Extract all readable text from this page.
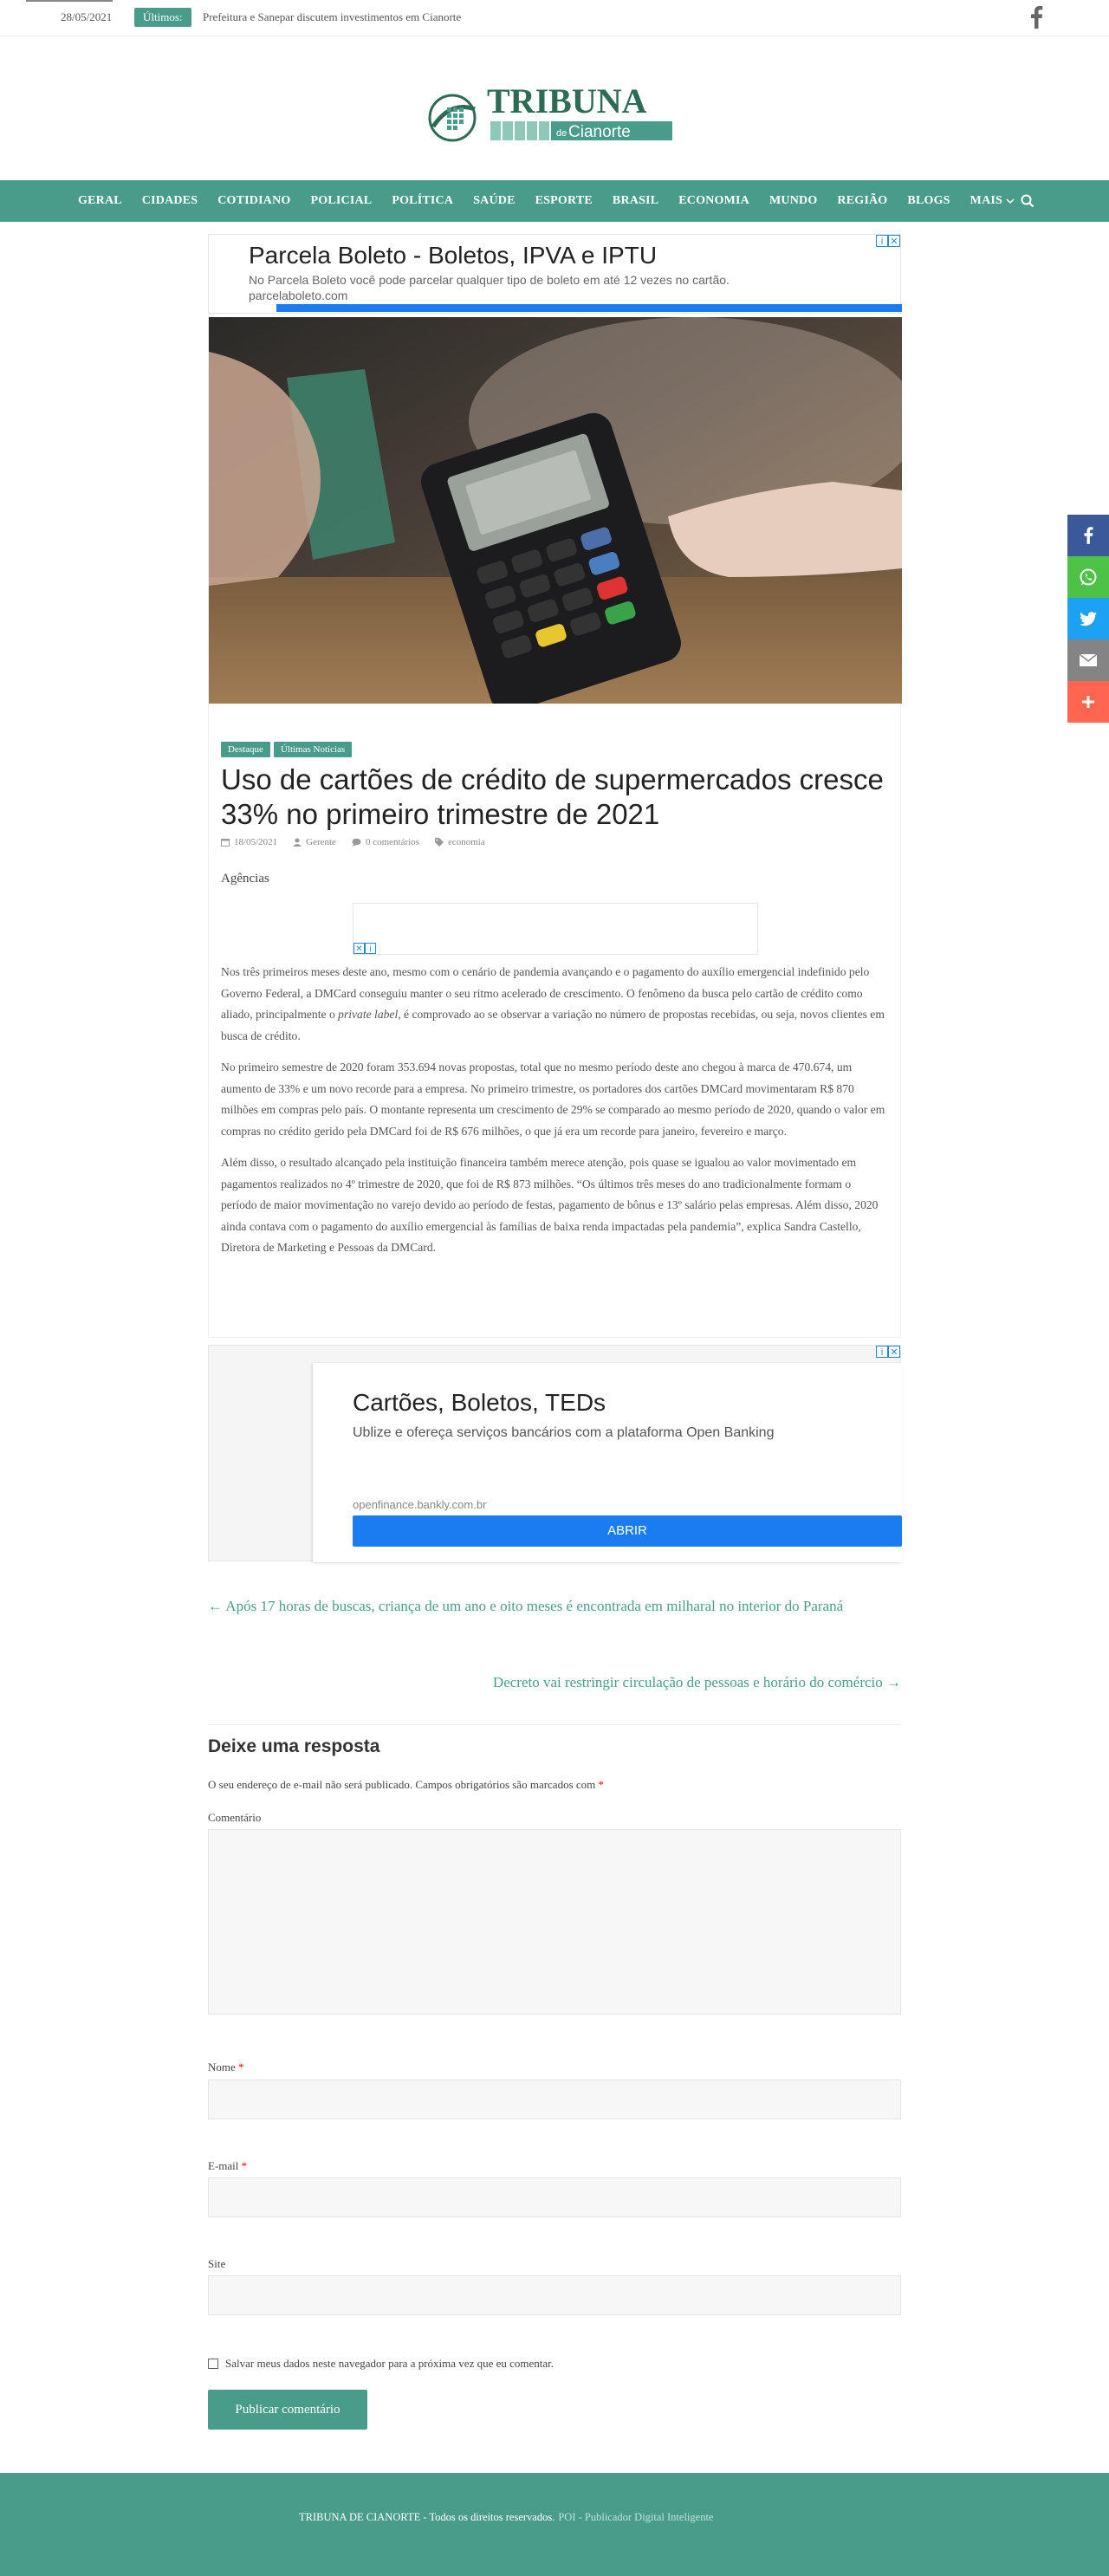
28/05/2021	Últimos:	Prefeitura e Sanepar discutem investimentos em Cianorte
TRIBUNA
de Cianorte
GERAL CIDADES COTIDIANO POLICIAL POLÍTICA SAÚDE ESPORTE BRASIL ECONOMIA MUNDO REGIÃO BLOGS MAIS
Parcela Boleto - Boletos, IPVA e IPTU
No Parcela Boleto você pode parcelar qualquer tipo de boleto em até 12 vezes no cartão.
parcelaboleto.com
i ✕
Destaque	Últimas Notícias
Uso de cartões de crédito de supermercados cresce 33% no primeiro trimestre de 2021
18/05/2021	Gerente	0 comentários	economia
Agências
✕ i

Nos três primeiros meses deste ano, mesmo com o cenário de pandemia avançando e o pagamento do auxílio emergencial indefinido pelo Governo Federal, a DMCard conseguiu manter o seu ritmo acelerado de crescimento. O fenômeno da busca pelo cartão de crédito como aliado, principalmente o private label, é comprovado ao se observar a variação no número de propostas recebidas, ou seja, novos clientes em busca de crédito.

No primeiro semestre de 2020 foram 353.694 novas propostas, total que no mesmo período deste ano chegou à marca de 470.674, um aumento de 33% e um novo recorde para a empresa. No primeiro trimestre, os portadores dos cartões DMCard movimentaram R$ 870 milhões em compras pelo país. O montante representa um crescimento de 29% se comparado ao mesmo período de 2020, quando o valor em compras no crédito gerido pela DMCard foi de R$ 676 milhões, o que já era um recorde para janeiro, fevereiro e março.

Além disso, o resultado alcançado pela instituição financeira também merece atenção, pois quase se igualou ao valor movimentado em pagamentos realizados no 4º trimestre de 2020, que foi de R$ 873 milhões. “Os últimos três meses do ano tradicionalmente formam o período de maior movimentação no varejo devido ao período de festas, pagamento de bônus e 13º salário pelas empresas. Além disso, 2020 ainda contava com o pagamento do auxílio emergencial às famílias de baixa renda impactadas pela pandemia”, explica Sandra Castello, Diretora de Marketing e Pessoas da DMCard.

Cartões, Boletos, TEDs
Ublize e ofereça serviços bancários com a plataforma Open Banking
openfinance.bankly.com.br
ABRIR
i ✕
← Após 17 horas de buscas, criança de um ano e oito meses é encontrada em milharal no interior do Paraná
Decreto vai restringir circulação de pessoas e horário do comércio →
Deixe uma resposta

O seu endereço de e-mail não será publicado. Campos obrigatórios são marcados com *

Comentário
Nome *
E-mail *
Site
Salvar meus dados neste navegador para a próxima vez que eu comentar.
Publicar comentário
TRIBUNA DE CIANORTE - Todos os direitos reservados. POI - Publicador Digital Inteligente
